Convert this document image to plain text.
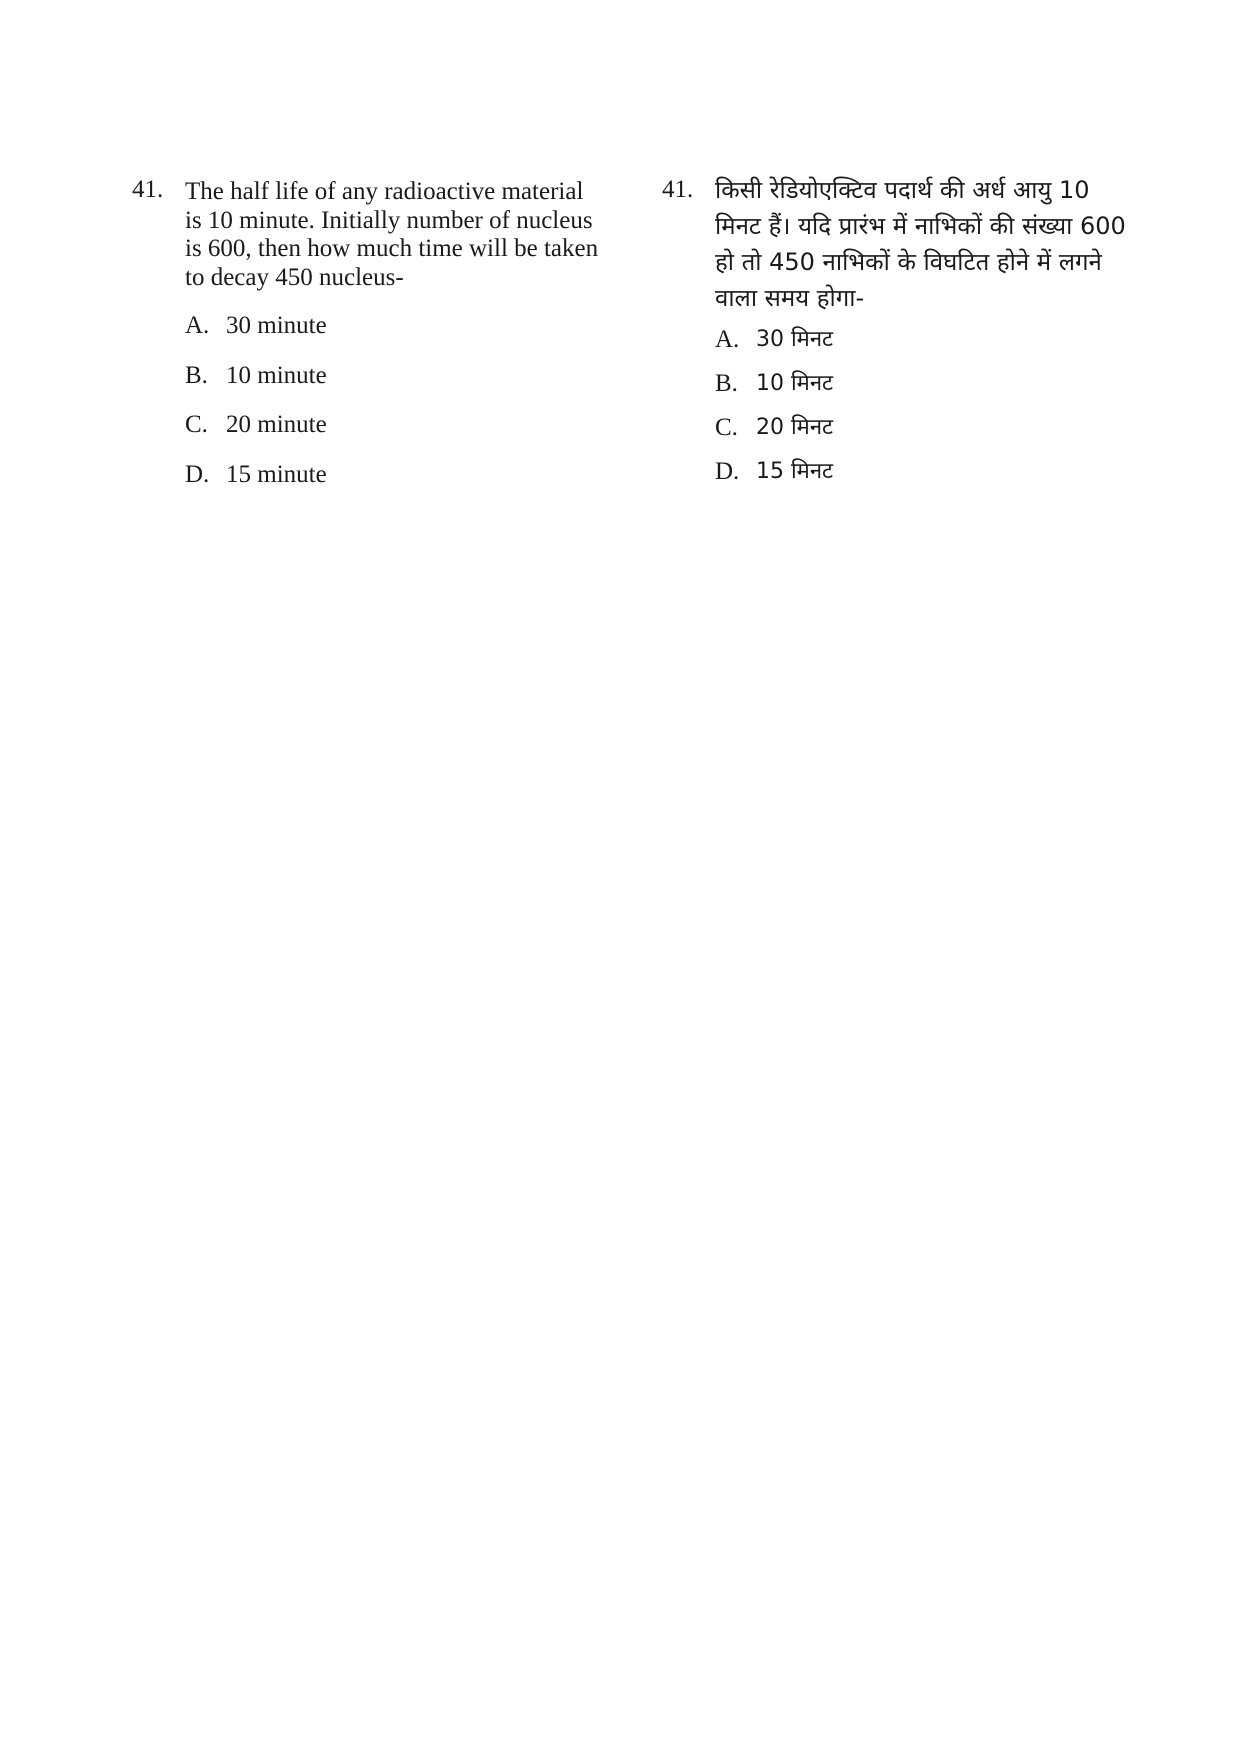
41. The half life of any radioactive material is 10 minute. Initially number of nucleus is 600, then how much time will be taken to decay 450 nucleus-
A. 30 minute
B. 10 minute
C. 20 minute
D. 15 minute
41. किसी रेडियोएक्टिव पदार्थ की अर्ध आयु 10 मिनट हैं। यदि प्रारंभ में नाभिकों की संख्या 600 हो तो 450 नाभिकों के विघटित होने में लगने वाला समय होगा-
A. 30 मिनट
B. 10 मिनट
C. 20 मिनट
D. 15 मिनट
